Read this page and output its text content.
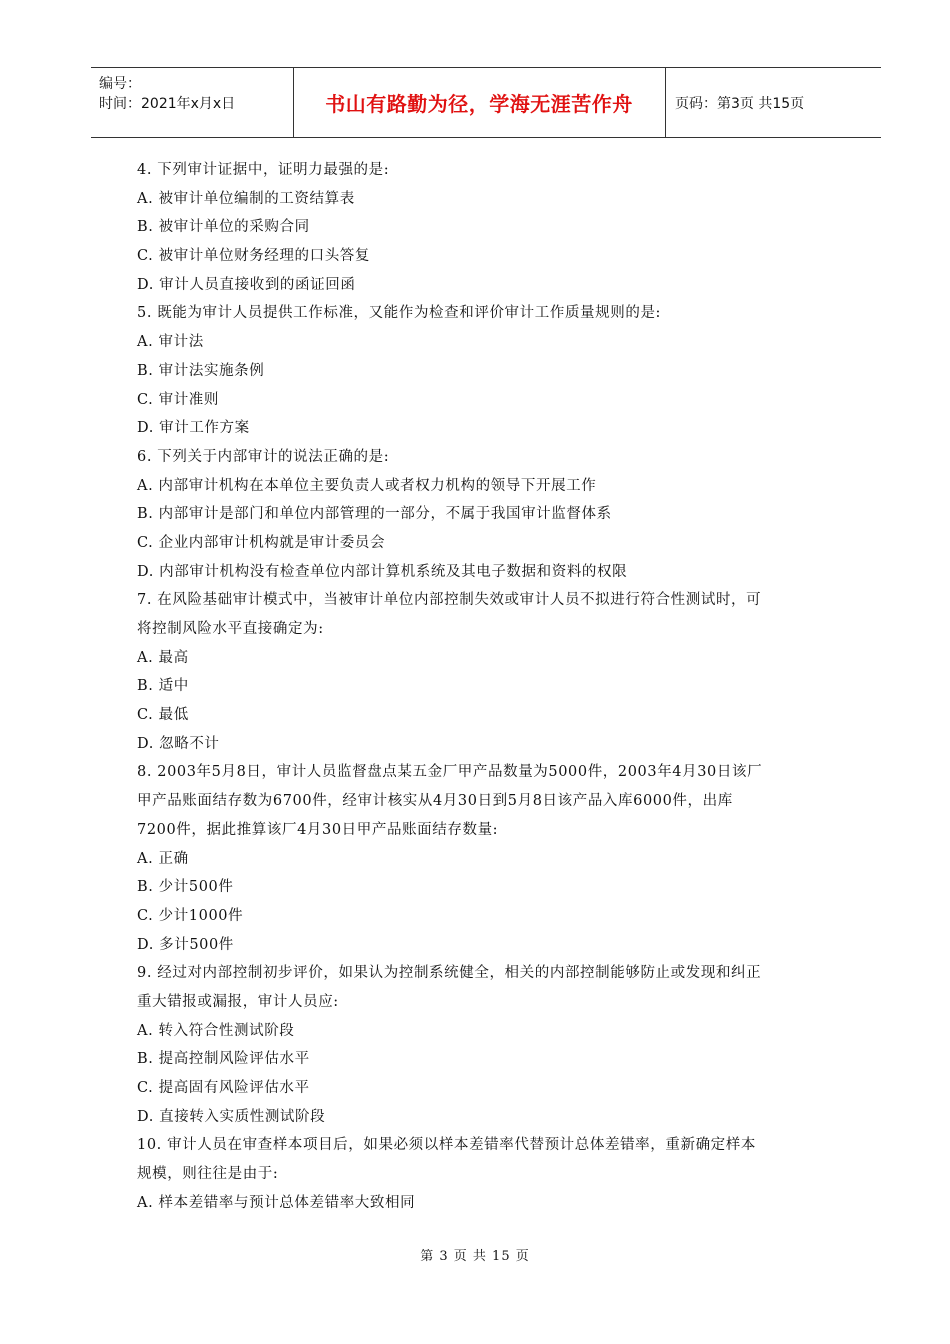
编号：
时间：2021年x月x日	书山有路勤为径，学海无涯苦作舟	页码：第3页 共15页
4. 下列审计证据中，证明力最强的是:
A. 被审计单位编制的工资结算表
B. 被审计单位的采购合同
C. 被审计单位财务经理的口头答复
D. 审计人员直接收到的函证回函
5. 既能为审计人员提供工作标准，又能作为检查和评价审计工作质量规则的是:
A. 审计法
B. 审计法实施条例
C. 审计准则
D. 审计工作方案
6. 下列关于内部审计的说法正确的是:
A. 内部审计机构在本单位主要负责人或者权力机构的领导下开展工作
B. 内部审计是部门和单位内部管理的一部分，不属于我国审计监督体系
C. 企业内部审计机构就是审计委员会
D. 内部审计机构没有检查单位内部计算机系统及其电子数据和资料的权限
7. 在风险基础审计模式中，当被审计单位内部控制失效或审计人员不拟进行符合性测试时，可
将控制风险水平直接确定为:
A. 最高
B. 适中
C. 最低
D. 忽略不计
8. 2003年5月8日，审计人员监督盘点某五金厂甲产品数量为5000件，2003年4月30日该厂
甲产品账面结存数为6700件，经审计核实从4月30日到5月8日该产品入库6000件，出库
7200件，据此推算该厂4月30日甲产品账面结存数量:
A. 正确
B. 少计500件
C. 少计1000件
D. 多计500件
9. 经过对内部控制初步评价，如果认为控制系统健全，相关的内部控制能够防止或发现和纠正
重大错报或漏报，审计人员应:
A. 转入符合性测试阶段
B. 提高控制风险评估水平
C. 提高固有风险评估水平
D. 直接转入实质性测试阶段
10. 审计人员在审查样本项目后，如果必须以样本差错率代替预计总体差错率，重新确定样本
规模，则往往是由于:
A. 样本差错率与预计总体差错率大致相同
第 3 页 共 15 页
